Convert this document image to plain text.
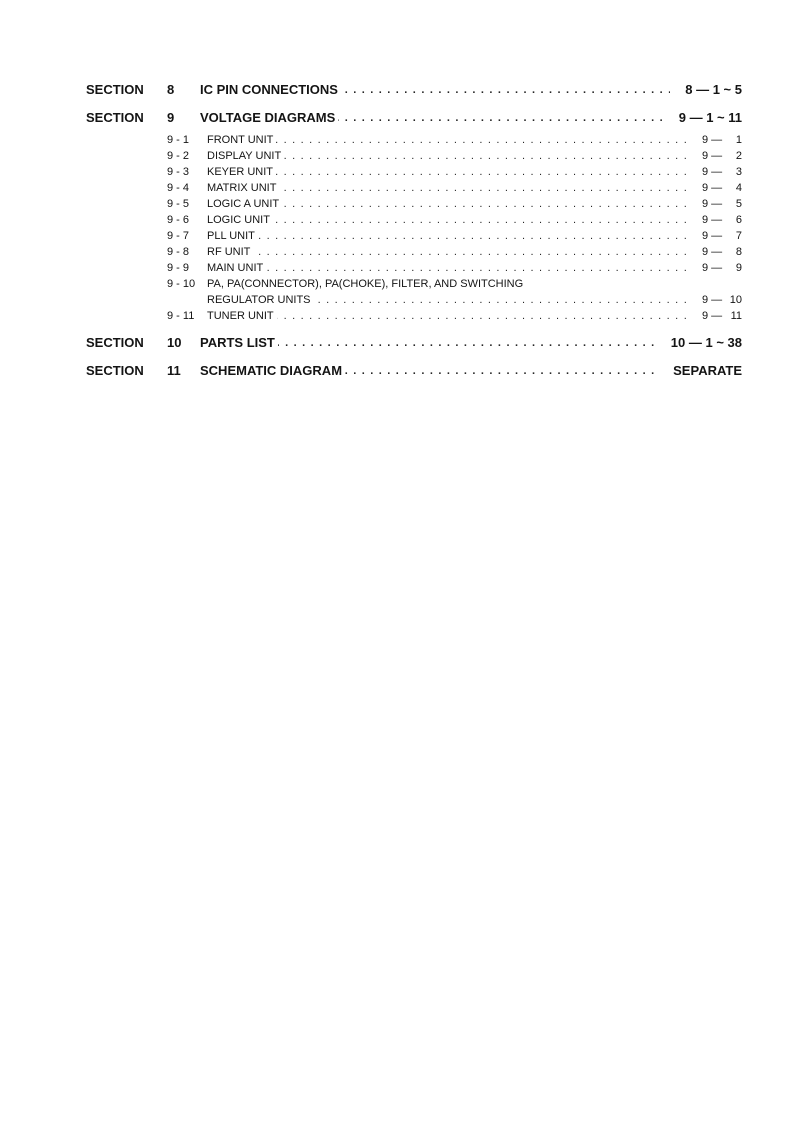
SECTION 8 . . . IC PIN CONNECTIONS	8 — 1 ~ 5
SECTION 9 . . . VOLTAGE DIAGRAMS	9 — 1 ~ 11
9 - 1 . . .	FRONT UNIT	9 — 1
9 - 2 . . .	DISPLAY UNIT	9 — 2
9 - 3 . . .	KEYER UNIT	9 — 3
9 - 4 . . .	MATRIX UNIT	9 — 4
9 - 5 . . .	LOGIC A UNIT	9 — 5
9 - 6 . . .	LOGIC UNIT	9 — 6
9 - 7 . . .	PLL UNIT	9 — 7
9 - 8 . . .	RF UNIT	9 — 8
9 - 9 . . .	MAIN UNIT	9 — 9
9 - 10	PA, PA(CONNECTOR), PA(CHOKE), FILTER, AND SWITCHING
. . .
REGULATOR UNITS	9 — 10
9 - 11 . . .	TUNER UNIT	9 — 11
SECTION 10 . . . PARTS LIST	10 — 1 ~ 38
SECTION 11 . . . SCHEMATIC DIAGRAM	SEPARATE
